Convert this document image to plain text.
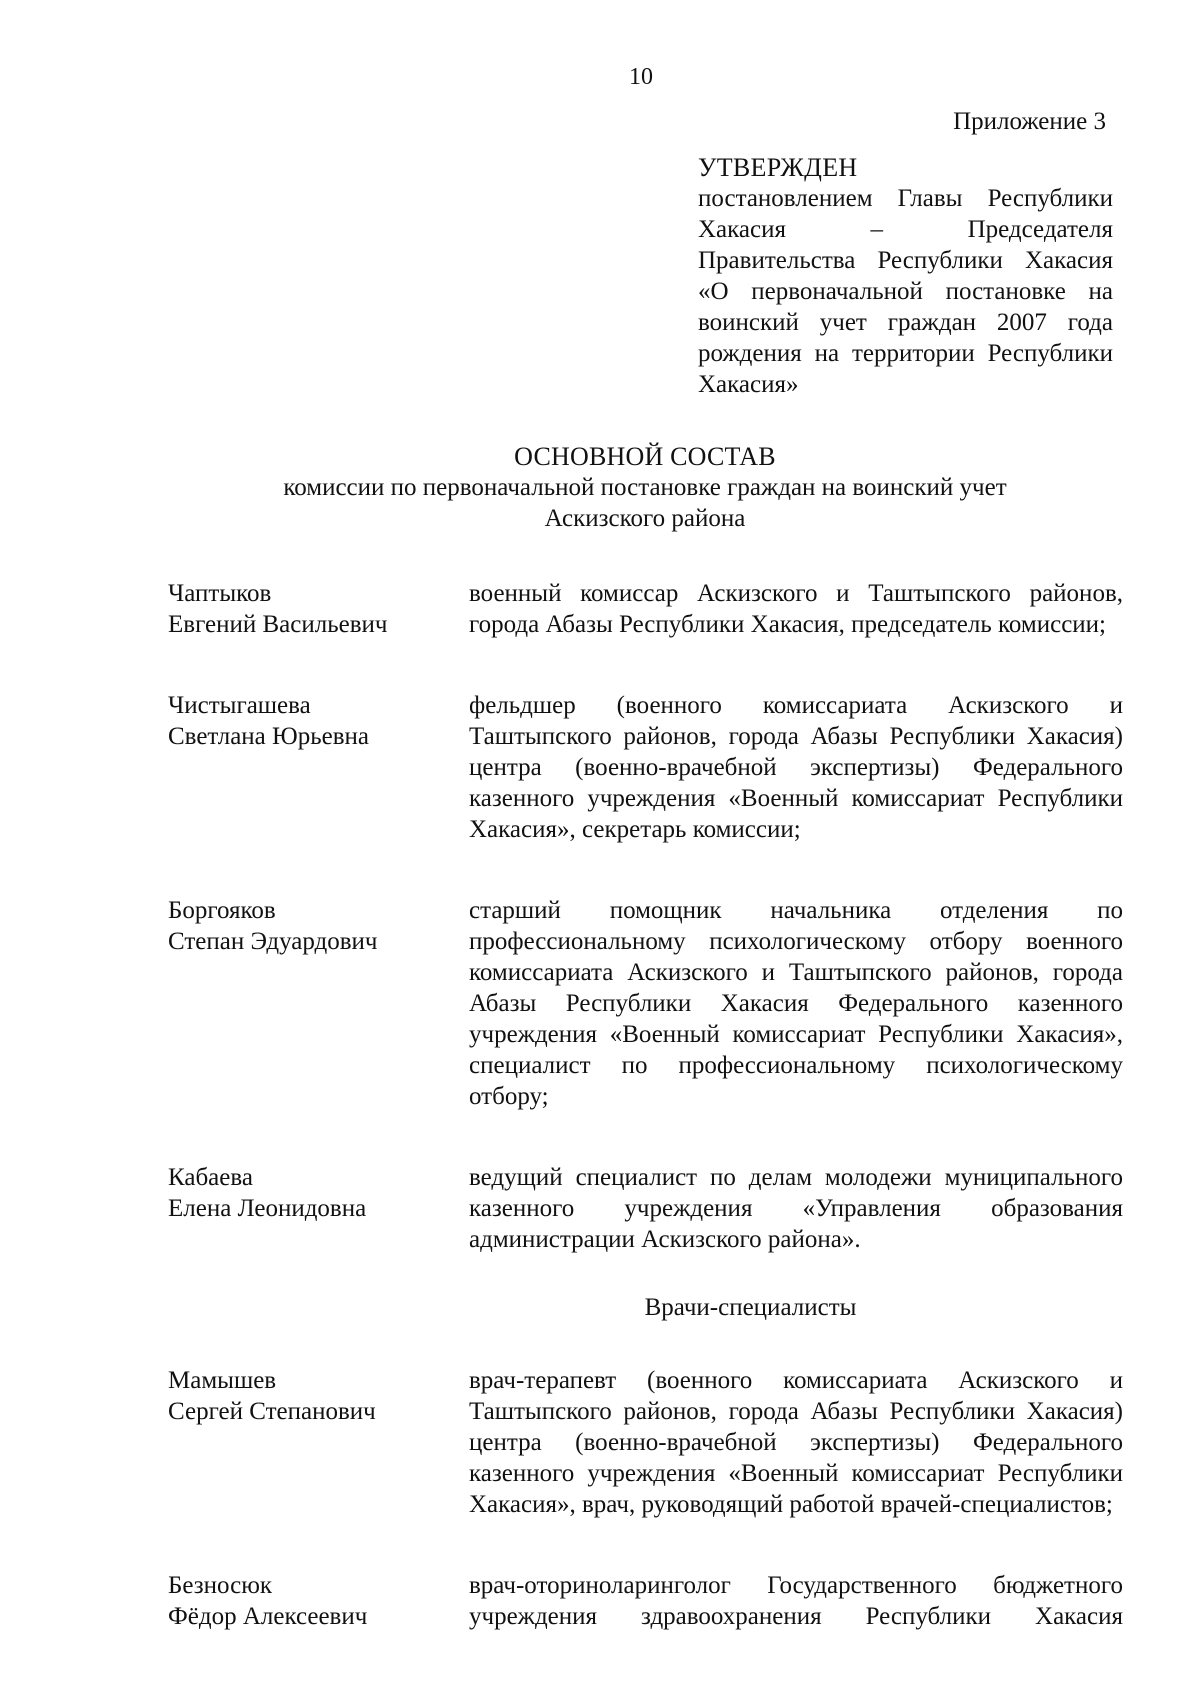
10
Приложение 3
УТВЕРЖДЕН

постановлением Главы Республики Хакасия – Председателя Правительства Республики Хакасия «О первоначальной постановке на воинский учет граждан 2007 года рождения на территории Республики Хакасия»

ОСНОВНОЙ СОСТАВ
комиссии по первоначальной постановке граждан на воинский учет
Аскизского района
Чаптыков
Евгений Васильевич
военный комиссар Аскизского и Таштыпского районов, города Абазы Республики Хакасия, председатель комиссии;
Чистыгашева
Светлана Юрьевна
фельдшер (военного комиссариата Аскизского и Таштыпского районов, города Абазы Республики Хакасия) центра (военно-врачебной экспертизы) Федерального казенного учреждения «Военный комиссариат Республики Хакасия», секретарь комиссии;
Боргояков
Степан Эдуардович
старший помощник начальника отделения по профессиональному психологическому отбору военного комиссариата Аскизского и Таштыпского районов, города Абазы Республики Хакасия Федерального казенного учреждения «Военный комиссариат Республики Хакасия», специалист по профессиональному психологическому отбору;
Кабаева
Елена Леонидовна
ведущий специалист по делам молодежи муниципального казенного учреждения «Управления образования администрации Аскизского района».
Врачи-специалисты
Мамышев
Сергей Степанович
врач-терапевт (военного комиссариата Аскизского и Таштыпского районов, города Абазы Республики Хакасия) центра (военно-врачебной экспертизы) Федерального казенного учреждения «Военный комиссариат Республики Хакасия», врач, руководящий работой врачей-специалистов;
Безносюк
Фёдор Алексеевич
врач-оториноларинголог Государственного бюджетного учреждения здравоохранения Республики Хакасия
